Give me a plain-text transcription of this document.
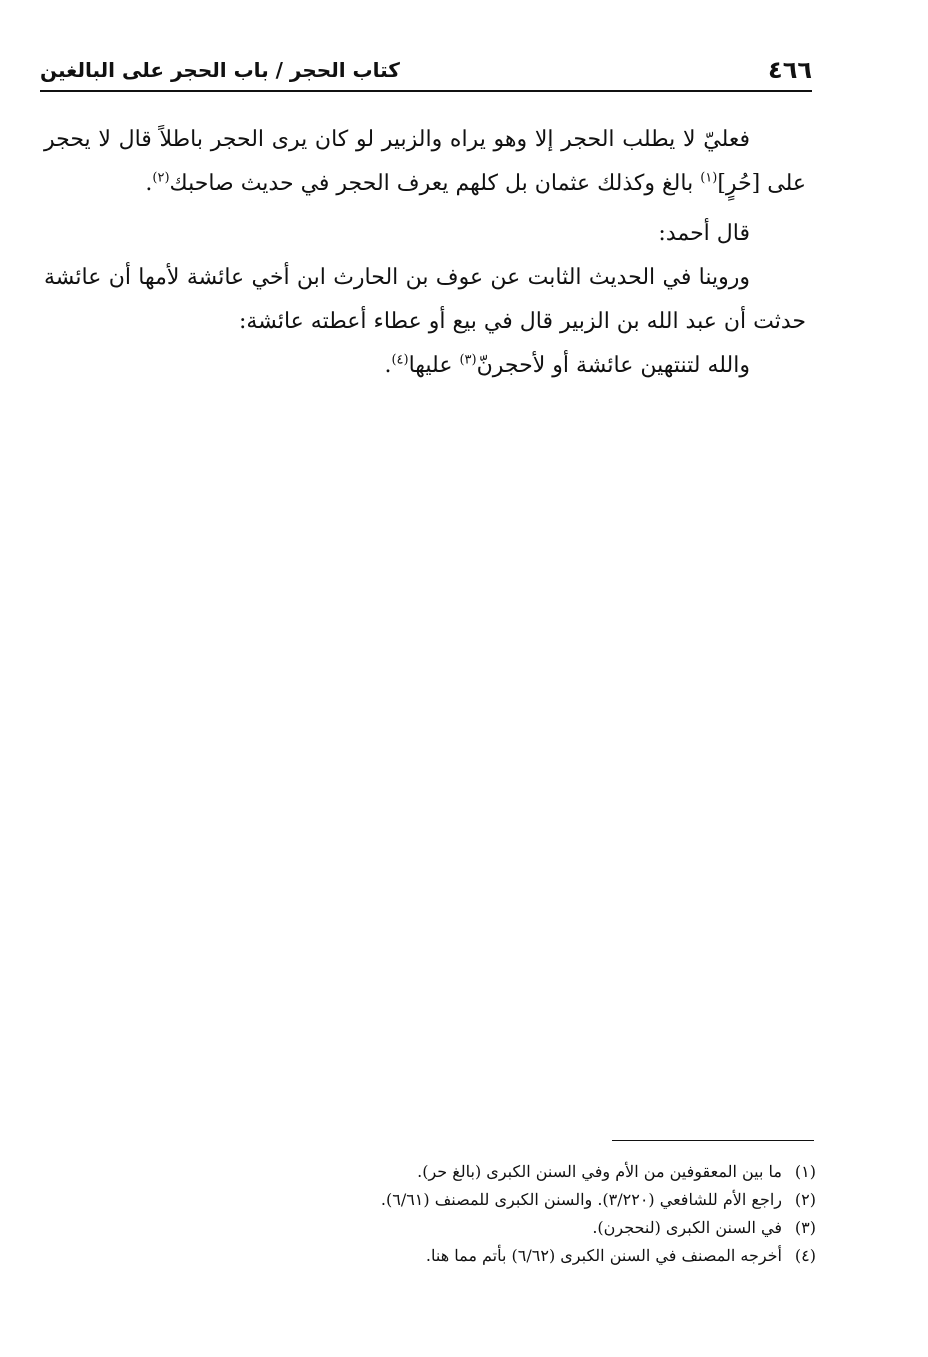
٤٦٦
كتاب الحجر / باب الحجر على البالغين

فعليّ لا يطلب الحجر إلا وهو يراه والزبير لو كان يرى الحجر باطلاً قال لا يحجر على [حُرٍ]$^{(١)}$ بالغ وكذلك عثمان بل كلهم يعرف الحجر في حديث صاحبك$^{(٢)}$.

قال أحمد:

وروينا في الحديث الثابت عن عوف بن الحارث ابن أخي عائشة لأمها أن عائشة حدثت أن عبد الله بن الزبير قال في بيع أو عطاء أعطته عائشة:

والله لتنتهين عائشة أو لأحجرنّ$^{(٣)}$ عليها$^{(٤)}$.

(١)
ما بين المعقوفين من الأم وفي السنن الكبرى (بالغ حر).
(٢)
راجع الأم للشافعي (٣/٢٢٠). والسنن الكبرى للمصنف (٦/٦١).
(٣)
في السنن الكبرى (لنحجرن).
(٤)
أخرجه المصنف في السنن الكبرى (٦/٦٢) بأتم مما هنا.
